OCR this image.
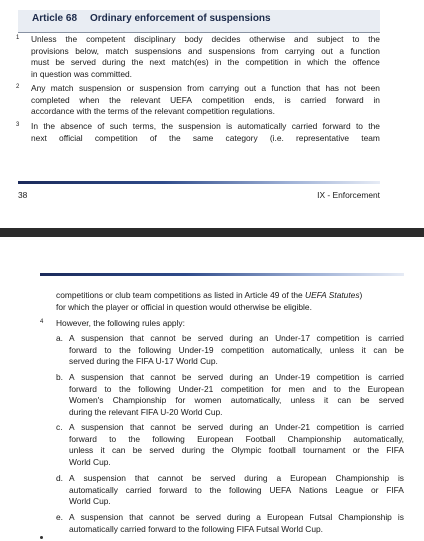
Article 68 Ordinary enforcement of suspensions
1 Unless the competent disciplinary body decides otherwise and subject to the
provisions below, match suspensions and suspensions from carrying out a function
must be served during the next match(es) in the competition in which the offence
in question was committed.
2 Any match suspension or suspension from carrying out a function that has not been
completed when the relevant UEFA competition ends, is carried forward in
accordance with the terms of the relevant competition regulations.
3 In the absence of such terms, the suspension is automatically carried forward to the
next official competition of the same category (i.e. representative team
38	IX - Enforcement
competitions or club team competitions as listed in Article 49 of the UEFA Statutes)
for which the player or official in question would otherwise be eligible.
4 However, the following rules apply:
a. A suspension that cannot be served during an Under-17 competition is carried
forward to the following Under-19 competition automatically, unless it can be
served during the FIFA U-17 World Cup.
b. A suspension that cannot be served during an Under-19 competition is carried
forward to the following Under-21 competition for men and to the European
Women's Championship for women automatically, unless it can be served
during the relevant FIFA U-20 World Cup.
c. A suspension that cannot be served during an Under-21 competition is carried
forward to the following European Football Championship automatically,
unless it can be served during the Olympic football tournament or the FIFA
World Cup.
d. A suspension that cannot be served during a European Championship is
automatically carried forward to the following UEFA Nations League or FIFA
World Cup.
e. A suspension that cannot be served during a European Futsal Championship is
automatically carried forward to the following FIFA Futsal World Cup.
